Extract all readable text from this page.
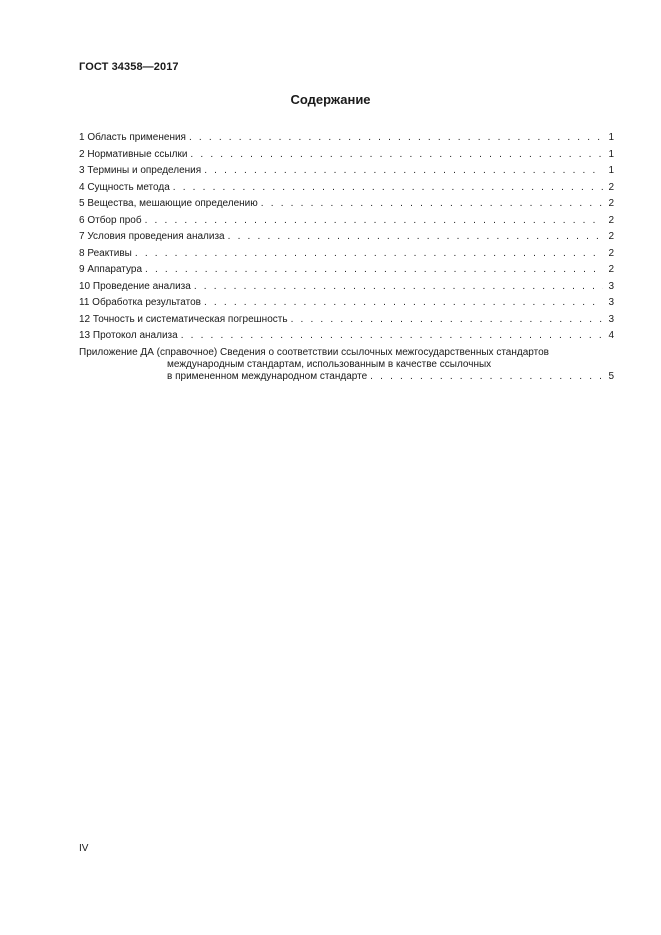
ГОСТ 34358—2017
Содержание
1 Область применения . . .	1
2 Нормативные ссылки . . .	1
3 Термины и определения . . .	1
4 Сущность метода . . .	2
5 Вещества, мешающие определению . . .	2
6 Отбор проб . . .	2
7 Условия проведения анализа . . .	2
8 Реактивы . . .	2
9 Аппаратура . . .	2
10 Проведение анализа . . .	3
11 Обработка результатов . . .	3
12 Точность и систематическая погрешность . . .	3
13 Протокол анализа . . .	4
Приложение ДА (справочное) Сведения о соответствии ссылочных межгосударственных стандартов
международным стандартам, использованным в качестве ссылочных
в примененном международном стандарте . . .	5
IV
